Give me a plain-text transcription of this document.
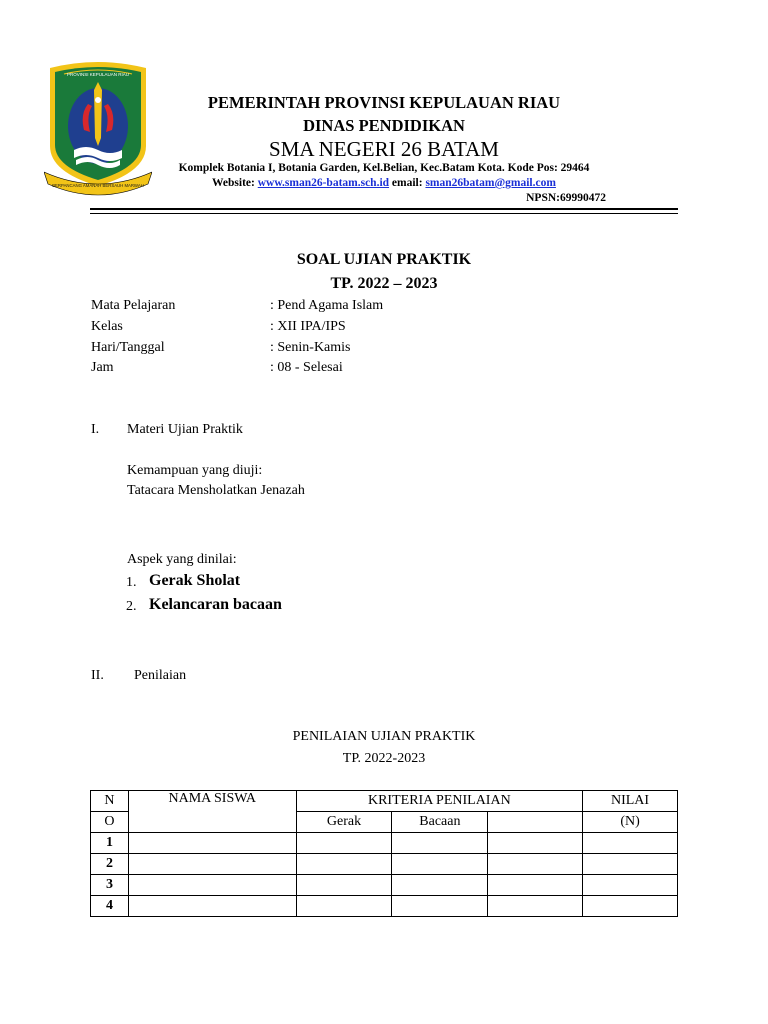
PROVINSI KEPULAUAN RIAU
BERPANCANG AMANAH BERSAUH MARWAH
PEMERINTAH PROVINSI KEPULAUAN RIAU
DINAS PENDIDIKAN
SMA NEGERI 26 BATAM
Komplek Botania I, Botania Garden, Kel.Belian, Kec.Batam Kota. Kode Pos: 29464
Website: www.sman26-batam.sch.id email: sman26batam@gmail.com
NPSN:69990472
SOAL UJIAN PRAKTIK
TP. 2022 – 2023
Mata Pelajaran	: Pend Agama Islam
Kelas	: XII IPA/IPS
Hari/Tanggal	: Senin-Kamis
Jam	: 08 - Selesai
I. Materi Ujian Praktik
Kemampuan yang diuji:
Tatacara Mensholatkan Jenazah
Aspek yang dinilai:
1. Gerak Sholat
2. Kelancaran bacaan
II. Penilaian
PENILAIAN UJIAN PRAKTIK
TP. 2022-2023
N	NAMA SISWA	KRITERIA PENILAIAN			NILAI
O		Gerak	Bacaan		(N)
1					
2					
3					
4					
